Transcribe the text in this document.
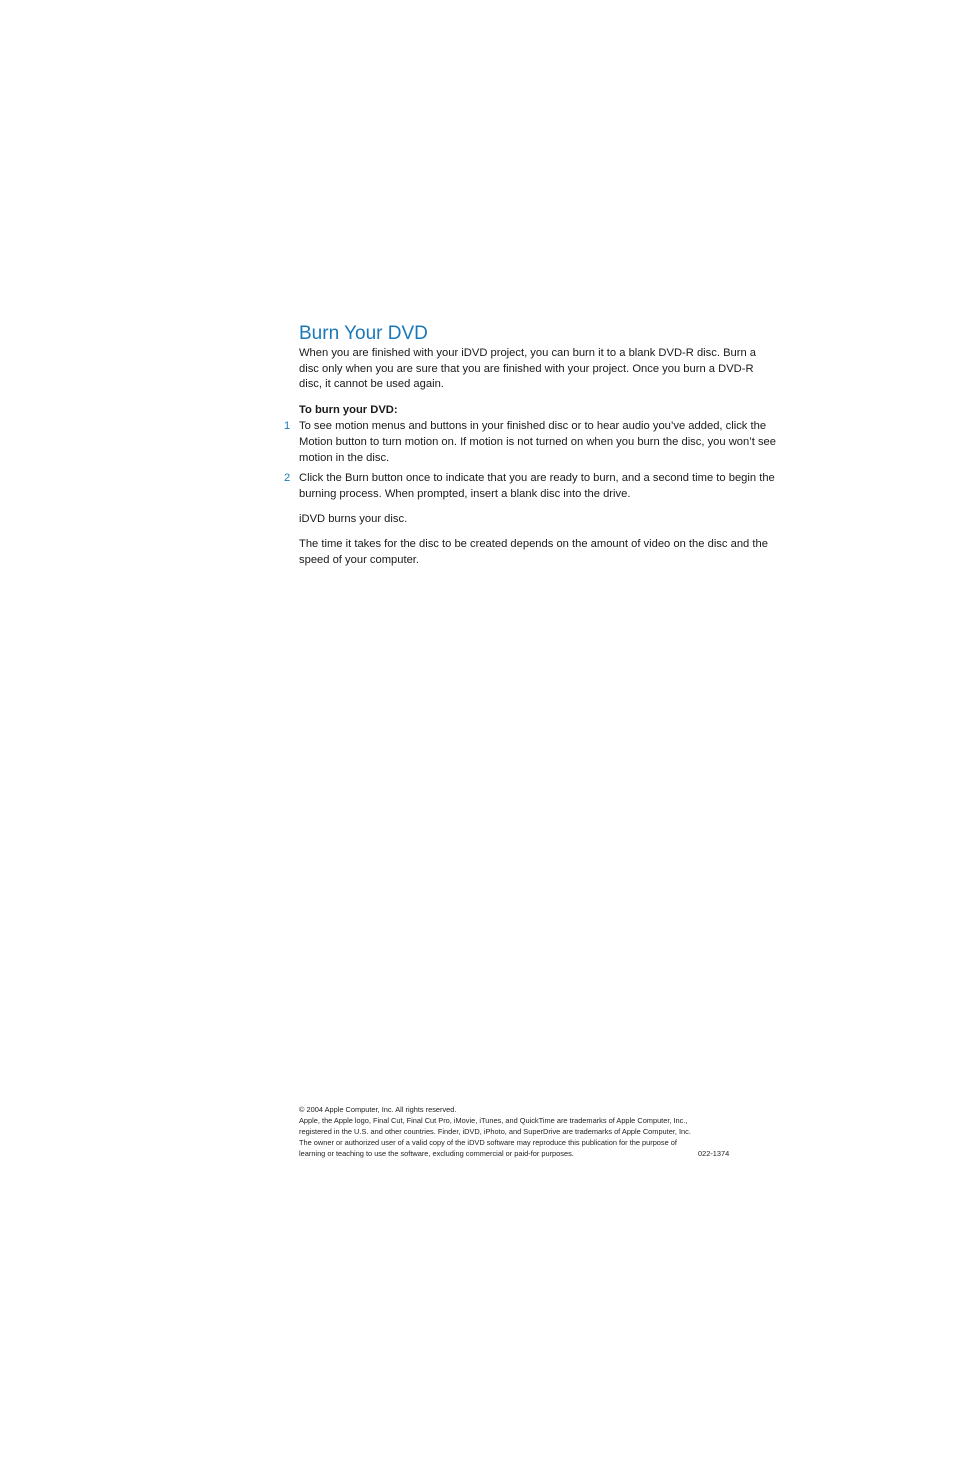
Burn Your DVD

When you are finished with your iDVD project, you can burn it to a blank DVD-R disc. Burn a disc only when you are sure that you are finished with your project. Once you burn a DVD-R disc, it cannot be used again.

To burn your DVD:

1 To see motion menus and buttons in your finished disc or to hear audio you’ve added, click the Motion button to turn motion on. If motion is not turned on when you burn the disc, you won’t see motion in the disc.
2 Click the Burn button once to indicate that you are ready to burn, and a second time to begin the burning process. When prompted, insert a blank disc into the drive.

iDVD burns your disc.

The time it takes for the disc to be created depends on the amount of video on the disc and the speed of your computer.

© 2004 Apple Computer, Inc. All rights reserved.
Apple, the Apple logo, Final Cut, Final Cut Pro, iMovie, iTunes, and QuickTime are trademarks of Apple Computer, Inc.,
registered in the U.S. and other countries. Finder, iDVD, iPhoto, and SuperDrive are trademarks of Apple Computer, Inc.
The owner or authorized user of a valid copy of the iDVD software may reproduce this publication for the purpose of
learning or teaching to use the software, excluding commercial or paid-for purposes.	022-1374
